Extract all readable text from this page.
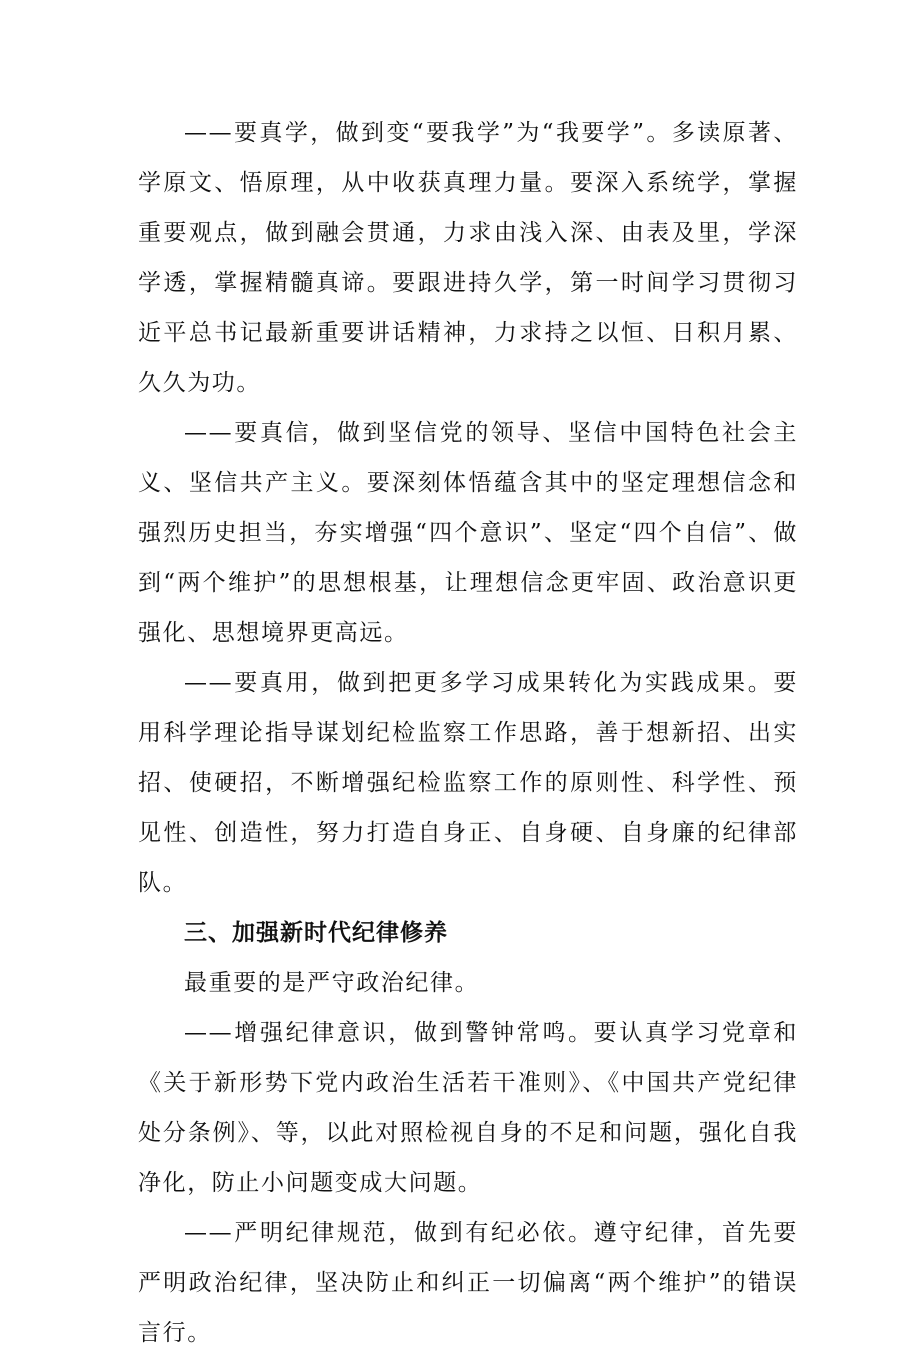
——要真学，做到变“要我学”为“我要学”。多读原著、学原文、悟原理，从中收获真理力量。要深入系统学，掌握重要观点，做到融会贯通，力求由浅入深、由表及里，学深学透，掌握精髓真谛。要跟进持久学，第一时间学习贯彻习近平总书记最新重要讲话精神，力求持之以恒、日积月累、久久为功。

——要真信，做到坚信党的领导、坚信中国特色社会主义、坚信共产主义。要深刻体悟蕴含其中的坚定理想信念和强烈历史担当，夯实增强“四个意识”、坚定“四个自信”、做到“两个维护”的思想根基，让理想信念更牢固、政治意识更强化、思想境界更高远。

——要真用，做到把更多学习成果转化为实践成果。要用科学理论指导谋划纪检监察工作思路，善于想新招、出实招、使硬招，不断增强纪检监察工作的原则性、科学性、预见性、创造性，努力打造自身正、自身硬、自身廉的纪律部队。

三、加强新时代纪律修养

最重要的是严守政治纪律。

——增强纪律意识，做到警钟常鸣。要认真学习党章和《关于新形势下党内政治生活若干准则》、《中国共产党纪律处分条例》、等，以此对照检视自身的不足和问题，强化自我净化，防止小问题变成大问题。

——严明纪律规范，做到有纪必依。遵守纪律，首先要严明政治纪律，坚决防止和纠正一切偏离“两个维护”的错误言行。
